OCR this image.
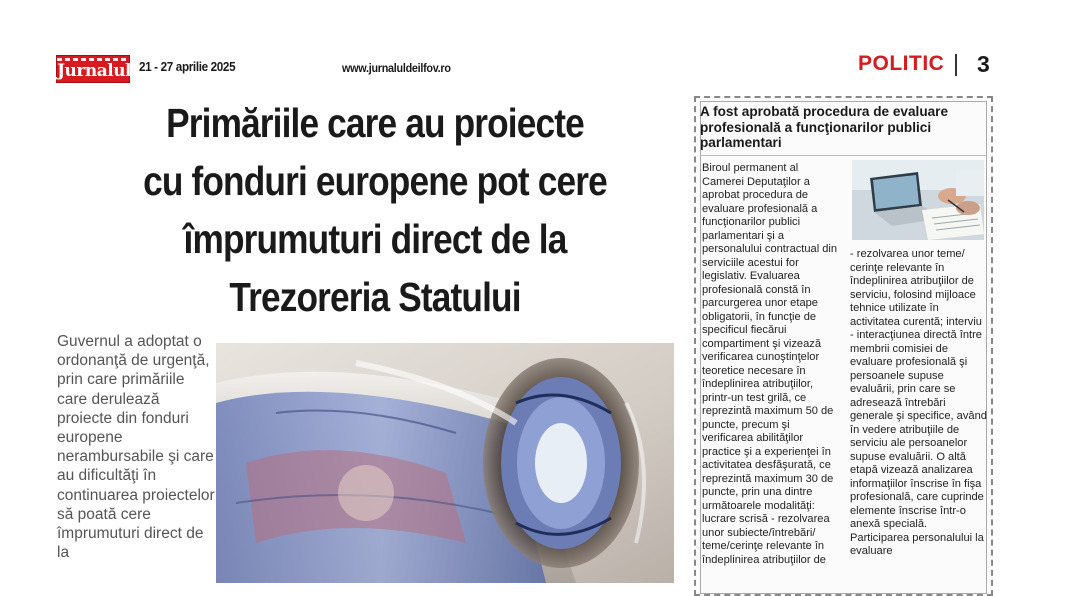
Jurnalul 21 - 27 aprilie 2025	www.jurnaluldeilfov.ro	POLITIC 3
Primăriile care au proiecte
cu fonduri europene pot cere
împrumuturi direct de la
Trezoreria Statului
Guvernul a adoptat o ordonanţă de urgenţă, prin care primăriile care derulează proiecte din fonduri europene nerambursabile şi care au dificultăţi în continuarea proiectelor să poată cere împrumuturi direct de la
A fost aprobată procedura de evaluare profesională a funcţionarilor publici parlamentari
Biroul permanent al Camerei Deputaţilor a aprobat procedura de evaluare profesională a funcţionarilor publici parlamentari şi a personalului contractual din serviciile acestui for legislativ. Evaluarea profesională constă în parcurgerea unor etape obligatorii, în funcţie de specificul fiecărui compartiment şi vizează verificarea cunoştinţelor teoretice necesare în îndeplinirea atribuţiilor, printr-un test grilă, ce reprezintă maximum 50 de puncte, precum şi verificarea abilităţilor practice şi a experienţei în activitatea desfăşurată, ce reprezintă maximum 30 de puncte, prin una dintre următoarele modalităţi: lucrare scrisă - rezolvarea unor subiecte/întrebări/ teme/cerinţe relevante în îndeplinirea atribuţiilor de
- rezolvarea unor teme/ cerinţe relevante în îndeplinirea atribuţiilor de serviciu, folosind mijloace tehnice utilizate în activitatea curentă; interviu - interacţiunea directă între membrii comisiei de evaluare profesională şi persoanele supuse evaluării, prin care se adresează întrebări generale şi specifice, având în vedere atribuţiile de serviciu ale persoanelor supuse evaluării. O altă etapă vizează analizarea informaţiilor înscrise în fişa profesională, care cuprinde elemente înscrise într-o anexă specială. Participarea personalului la evaluare
